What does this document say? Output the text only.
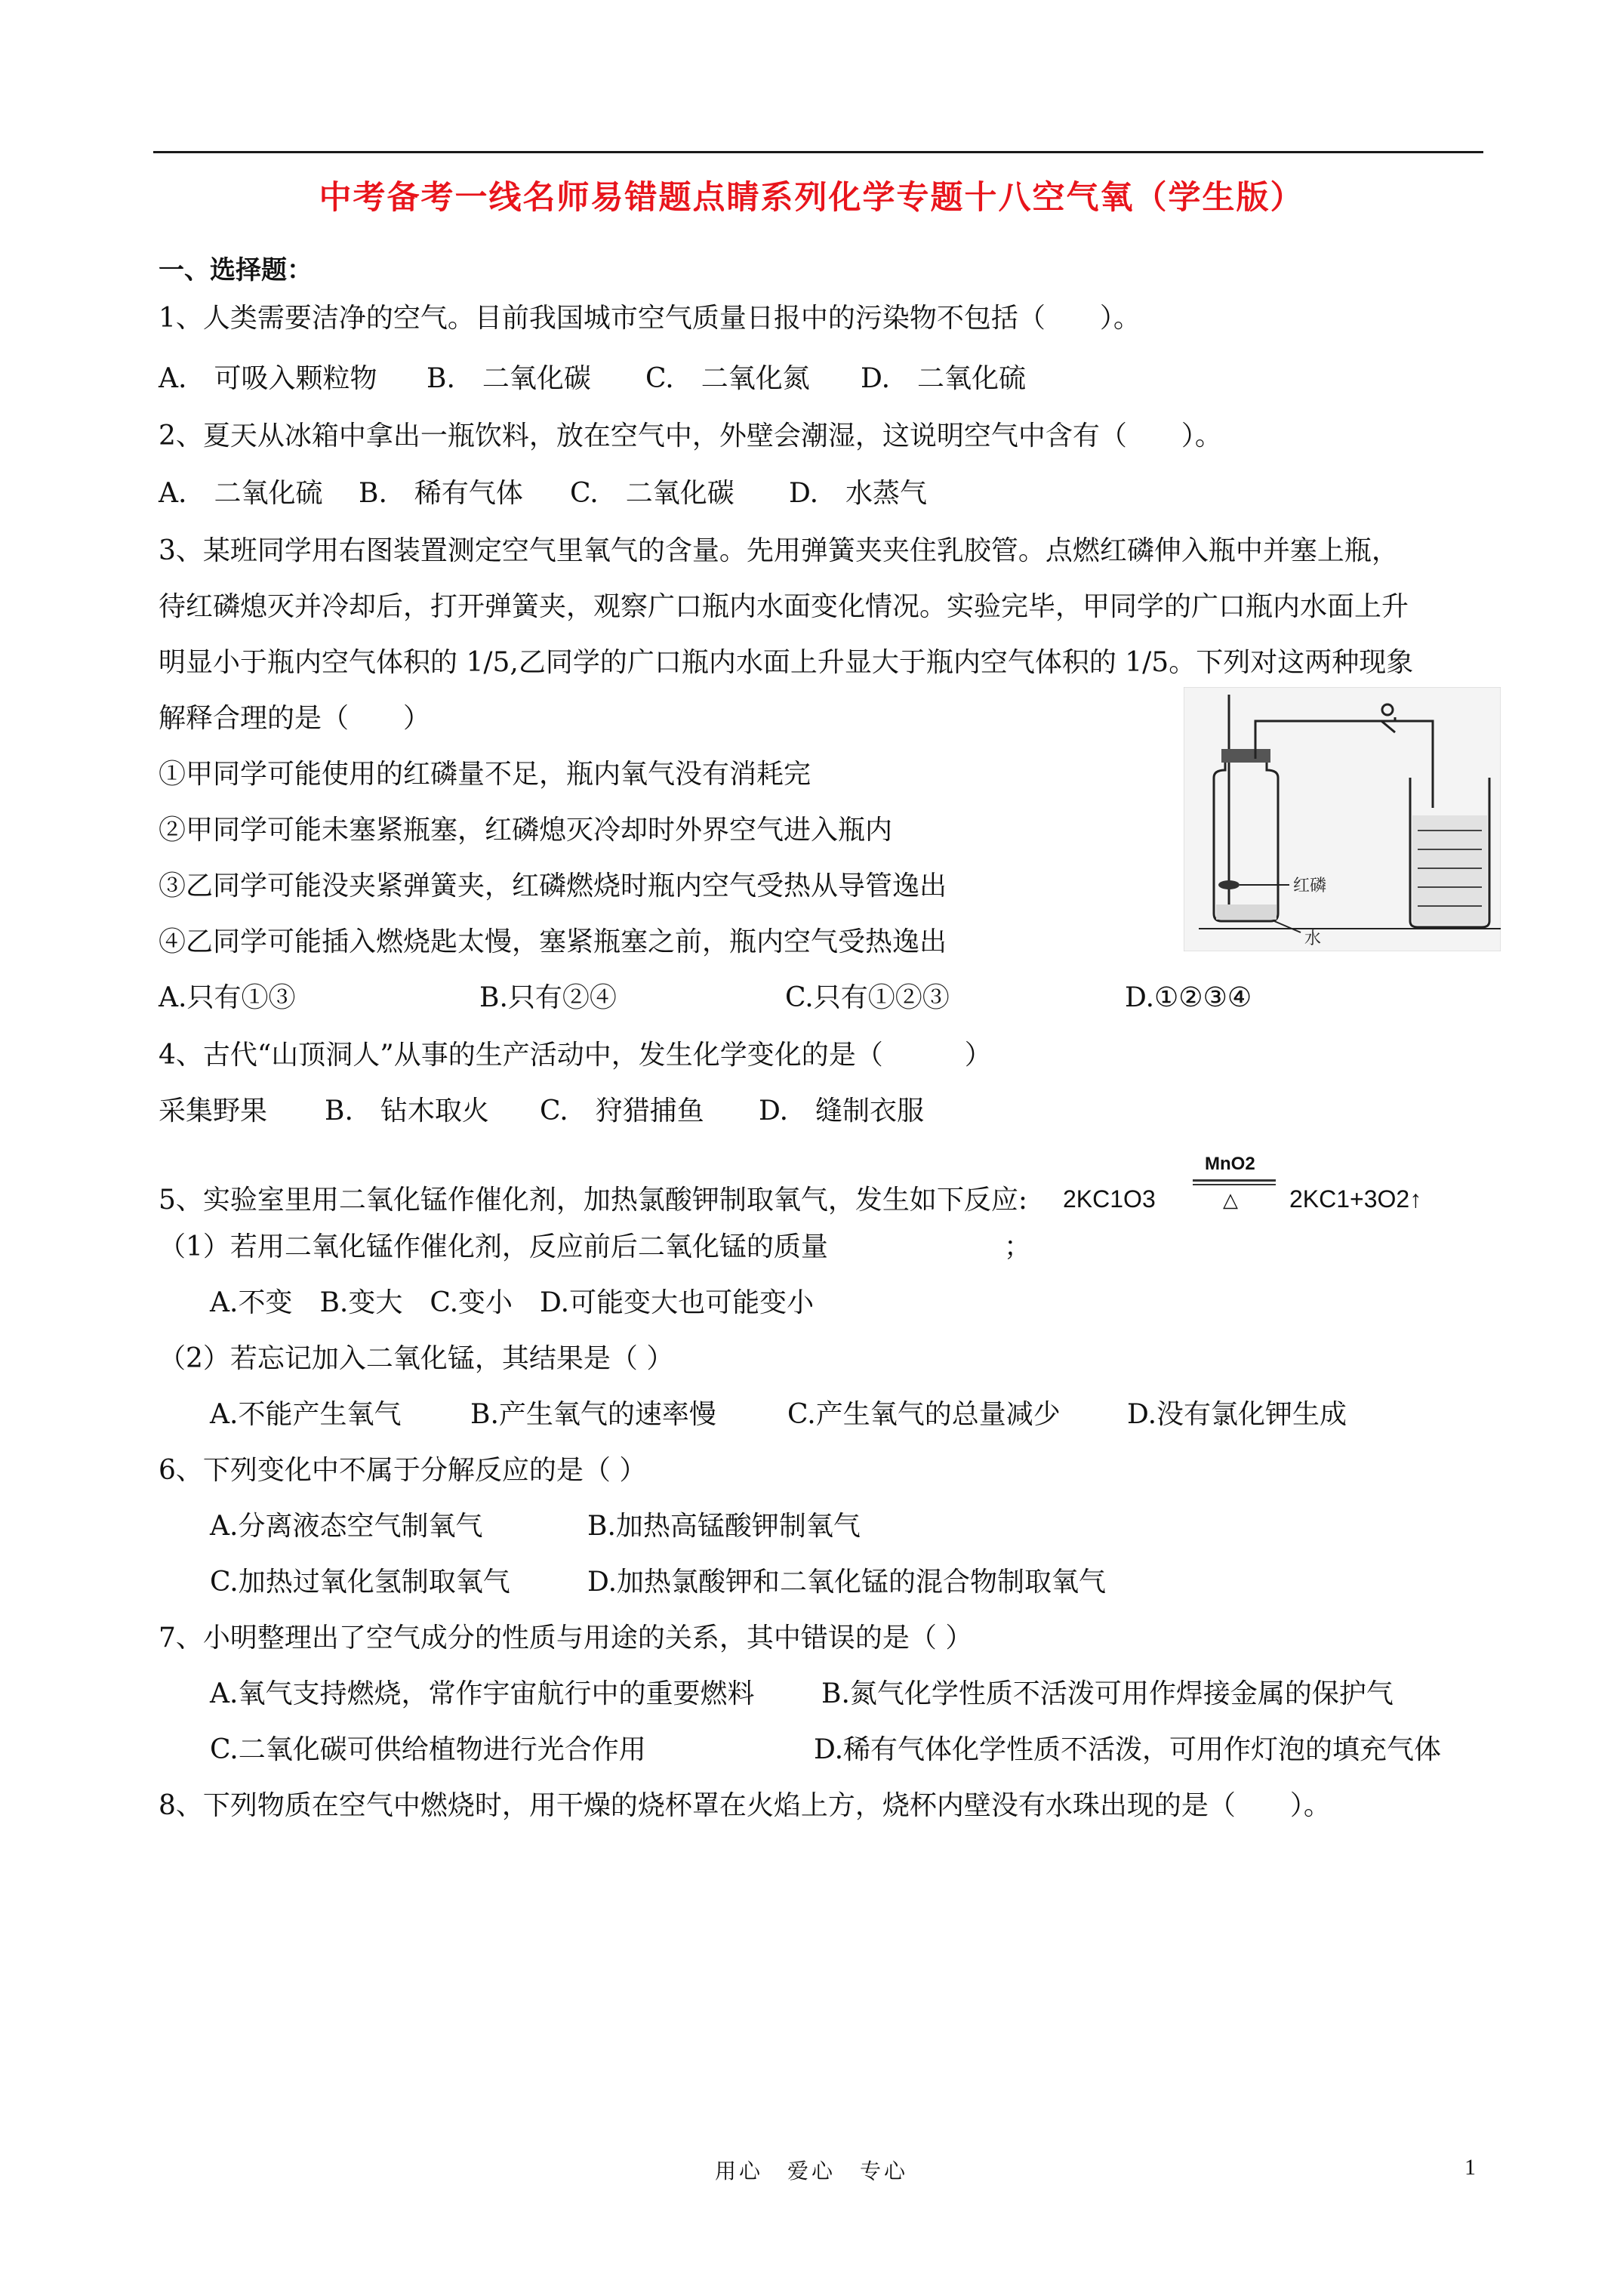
中考备考一线名师易错题点睛系列化学专题十八空气氧（学生版）
一、选择题：
1、人类需要洁净的空气。目前我国城市空气质量日报中的污染物不包括（　　）。
A.　可吸入颗粒物 B.　二氧化碳 C.　二氧化氮 D.　二氧化硫
2、夏天从冰箱中拿出一瓶饮料，放在空气中，外壁会潮湿，这说明空气中含有（　　）。
A.　二氧化硫 B.　稀有气体 C.　二氧化碳 D.　水蒸气
3、某班同学用右图装置测定空气里氧气的含量。先用弹簧夹夹住乳胶管。点燃红磷伸入瓶中并塞上瓶，
待红磷熄灭并冷却后，打开弹簧夹，观察广口瓶内水面变化情况。实验完毕，甲同学的广口瓶内水面上升
明显小于瓶内空气体积的 1/5,乙同学的广口瓶内水面上升显大于瓶内空气体积的 1/5。下列对这两种现象
解释合理的是（　　）
①甲同学可能使用的红磷量不足，瓶内氧气没有消耗完
②甲同学可能未塞紧瓶塞，红磷熄灭冷却时外界空气进入瓶内
③乙同学可能没夹紧弹簧夹，红磷燃烧时瓶内空气受热从导管逸出
④乙同学可能插入燃烧匙太慢，塞紧瓶塞之前，瓶内空气受热逸出
A.只有①③	B.只有②④	C.只有①②③	D.①②③④
红磷
水
4、古代“山顶洞人”从事的生产活动中，发生化学变化的是（　　　）
采集野果 B.　钻木取火 C.　狩猎捕鱼 D.　缝制衣服
5、实验室里用二氧化锰作催化剂，加热氯酸钾制取氧气，发生如下反应: 2KC1O3
MnO2
△ 2KC1+3O2↑
（1）若用二氧化锰作催化剂，反应前后二氧化锰的质量	；
A.不变　B.变大　C.变小　D.可能变大也可能变小
（2）若忘记加入二氧化锰，其结果是（ ）
A.不能产生氧气	B.产生氧气的速率慢	C.产生氧气的总量减少 D.没有氯化钾生成
6、下列变化中不属于分解反应的是（ ）
A.分离液态空气制氧气	B.加热高锰酸钾制氧气
C.加热过氧化氢制取氧气	D.加热氯酸钾和二氧化锰的混合物制取氧气
7、小明整理出了空气成分的性质与用途的关系，其中错误的是（ ）
A.氧气支持燃烧，常作宇宙航行中的重要燃料 B.氮气化学性质不活泼可用作焊接金属的保护气
C.二氧化碳可供给植物进行光合作用	D.稀有气体化学性质不活泼，可用作灯泡的填充气体
8、下列物质在空气中燃烧时，用干燥的烧杯罩在火焰上方，烧杯内壁没有水珠出现的是（　　）。
用心　爱心　专心	1
